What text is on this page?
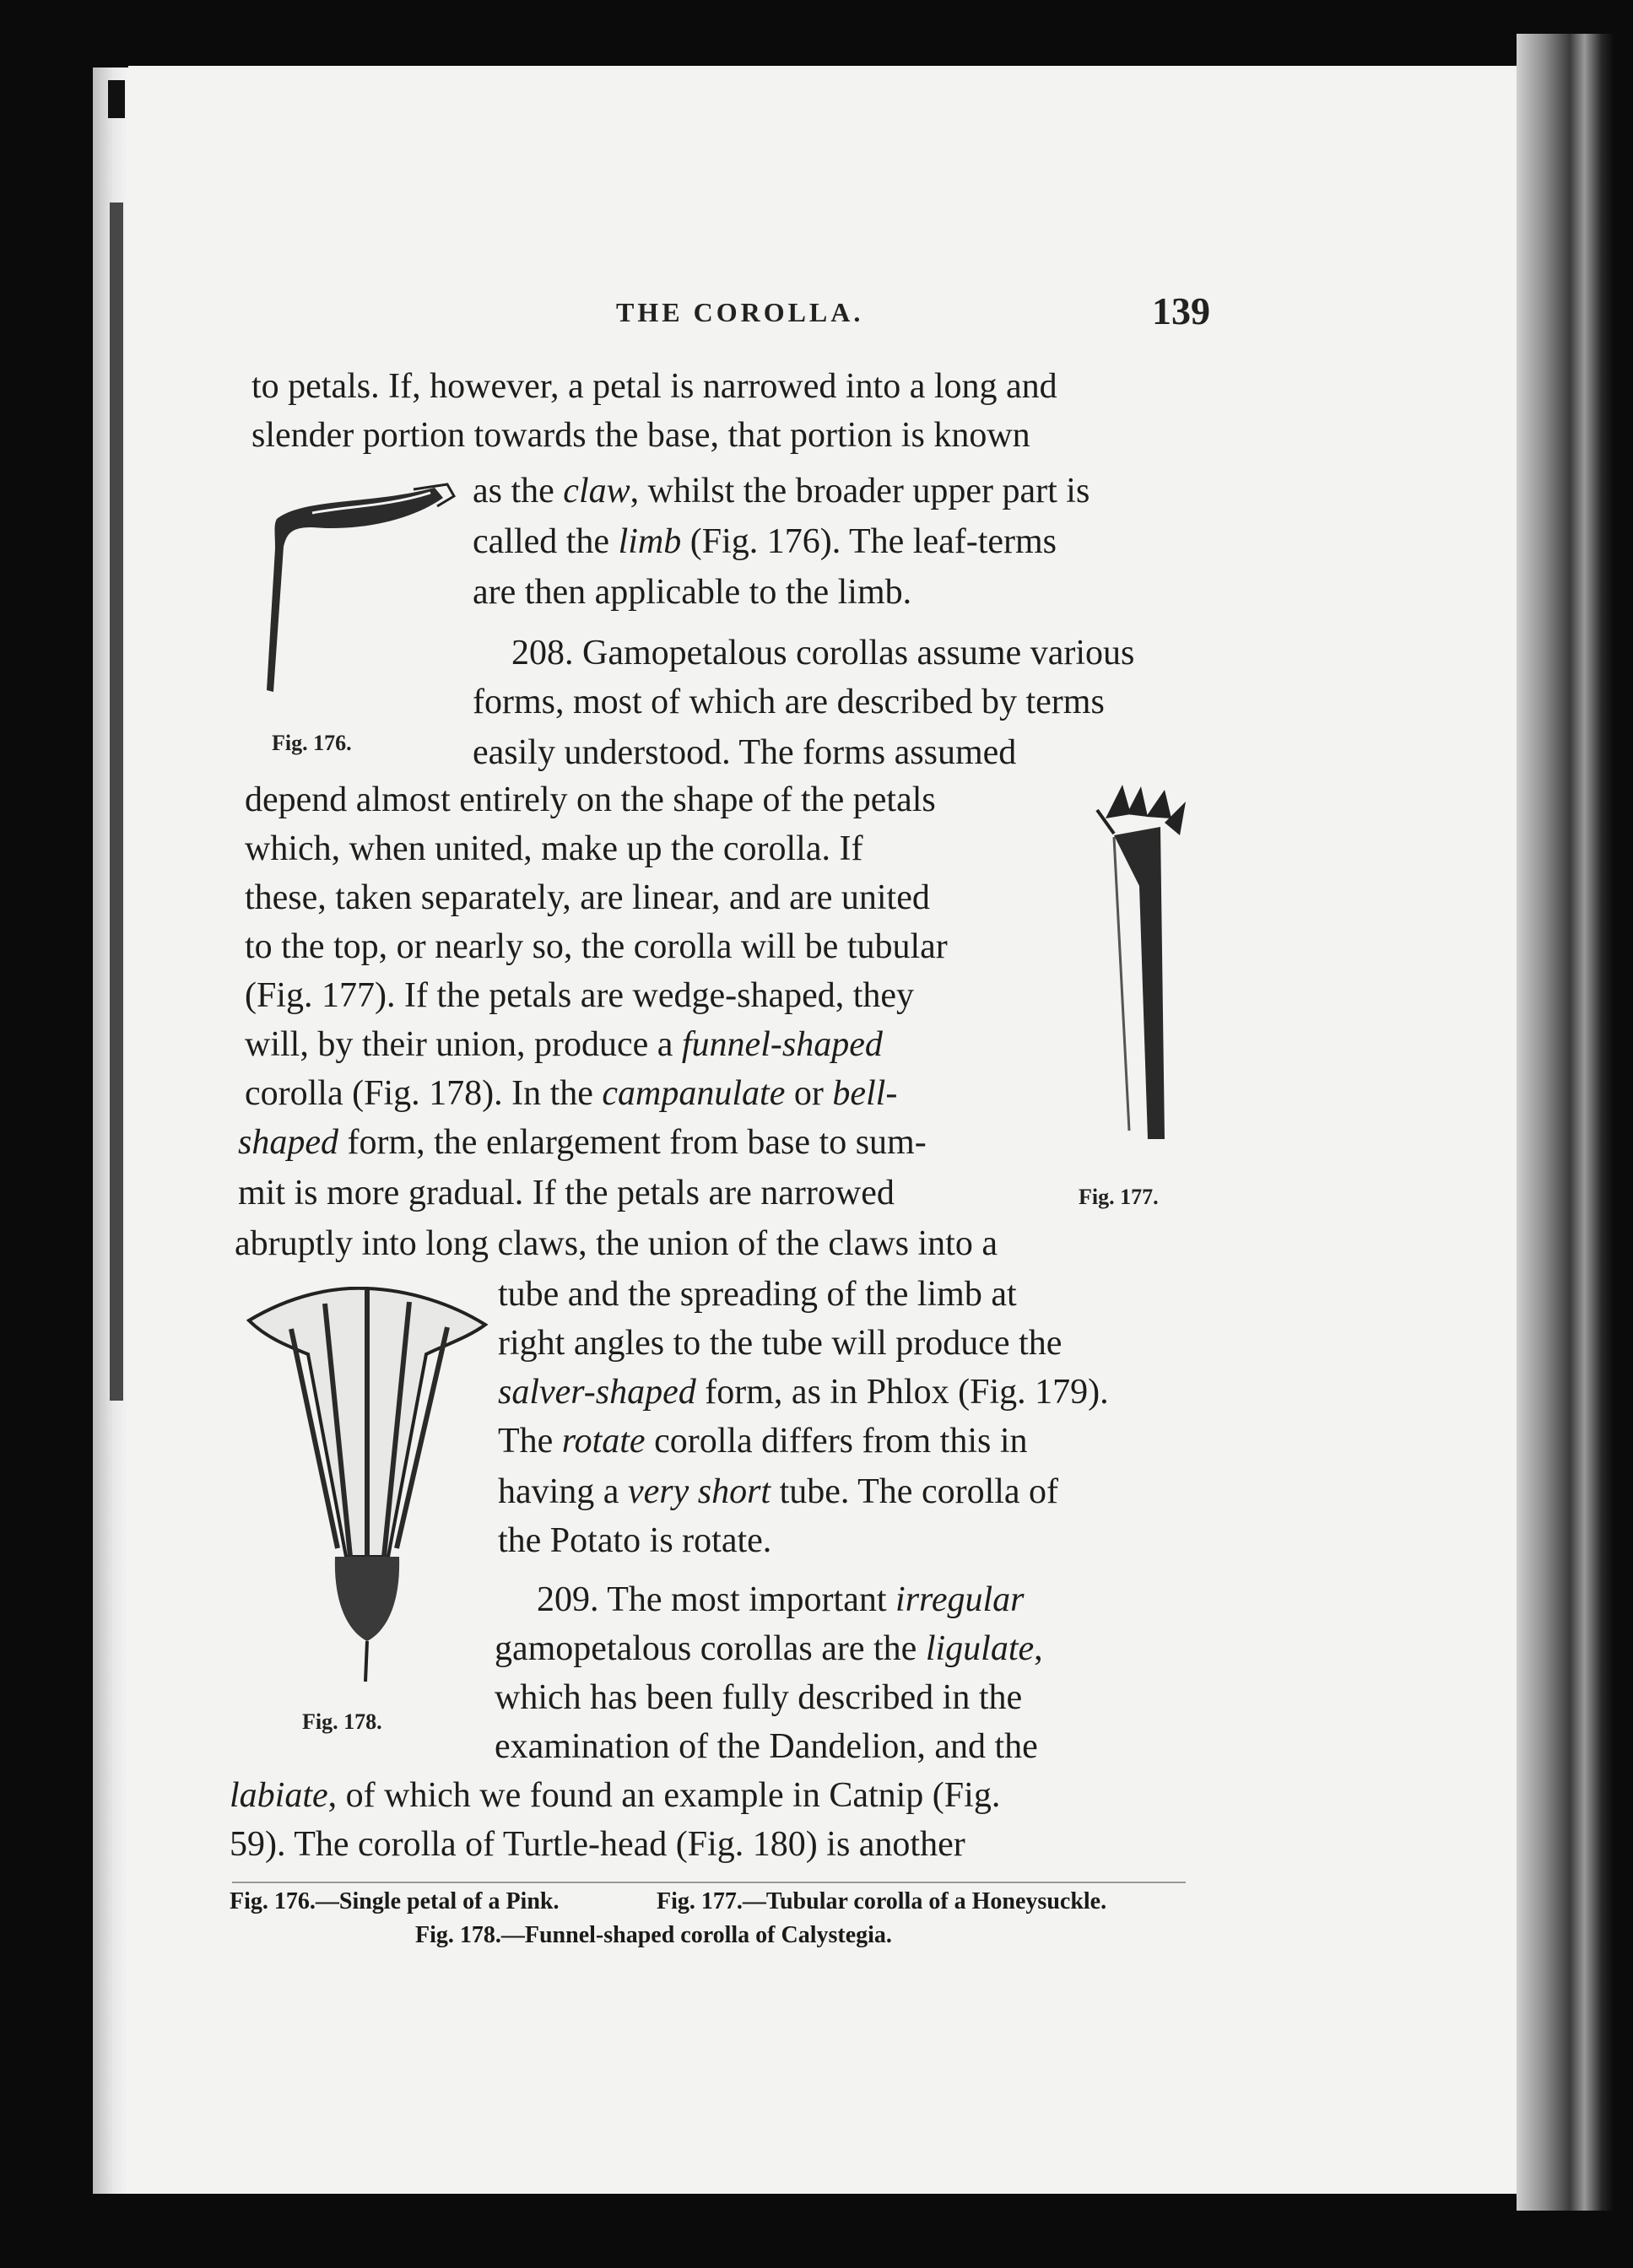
THE COROLLA.	139
to petals. If, however, a petal is narrowed into a long and
slender portion towards the base, that portion is known
as the claw, whilst the broader upper part is
called the limb (Fig. 176). The leaf-terms
are then applicable to the limb.
208. Gamopetalous corollas assume various
forms, most of which are described by terms
easily understood. The forms assumed
depend almost entirely on the shape of the petals
which, when united, make up the corolla. If
these, taken separately, are linear, and are united
to the top, or nearly so, the corolla will be tubular
(Fig. 177). If the petals are wedge-shaped, they
will, by their union, produce a funnel-shaped
corolla (Fig. 178). In the campanulate or bell-
shaped form, the enlargement from base to sum-
mit is more gradual. If the petals are narrowed
abruptly into long claws, the union of the claws into a
tube and the spreading of the limb at
right angles to the tube will produce the
salver-shaped form, as in Phlox (Fig. 179).
The rotate corolla differs from this in
having a very short tube. The corolla of
the Potato is rotate.
209. The most important irregular
gamopetalous corollas are the ligulate,
which has been fully described in the
examination of the Dandelion, and the
labiate, of which we found an example in Catnip (Fig.
59). The corolla of Turtle-head (Fig. 180) is another
Fig. 176.
Fig. 177.
Fig. 178.
Fig. 176.—Single petal of a Pink.	Fig. 177.—Tubular corolla of a Honeysuckle.
Fig. 178.—Funnel-shaped corolla of Calystegia.
